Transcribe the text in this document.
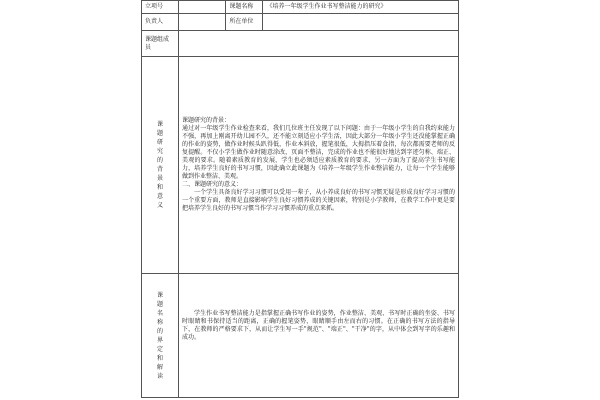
立项号		课题名称	《培养一年级学生作业书写整洁能力的研究》
负责人		所在单位	

课题组成员			

课题研究的背景和意义	课题研究的背景：
通过对一年级学生作业检查来看，我们几位班主任发现了以下问题：由于一年级小学生的自我约束能力不强，再加上刚离开幼儿园不久，还不能立刻适应小学生活，因此大部分一年级小学生还没能掌握正确的作业的姿势，做作业时候头趴得低，作业本斜放，握笔很低，大拇指压着食指，每次都需要老师的反复提醒。不仅小学生做作业时随意涂改，页面不整洁，完成的作业也不能很好地达到字迹匀称、端正、美观的要求。随着素质教育的发展，学生也必须适应素质教育的要求，另一方面为了提高学生书写能力，培养学生良好的书写习惯，因此确立此课题为《培养一年级学生作业整洁能力，让每一个学生能够做到作业整洁、美观。
二、课题研究的意义：
一个学生具备良好学习习惯可以受用一辈子，从小养成良好的书写习惯无疑是形成良好学习习惯的一个重要方面，教师是直接影响学生良好习惯养成的关键因素，特别是小学教师，在教学工作中更是要把培养学生良好的书写习惯当作学习习惯养成的重点来抓。		

课题名称的界定和解读	学生作业书写整洁能力是指掌握正确书写作业的姿势，作业整洁、美观、书写时正确的坐姿、书写时眼睛和书保持适当的距离，正确的握笔姿势，眼睛顺手由左而右的习惯。在正确的书写方法的指导下，在教师的严格要求下，从而让学生写一手"规范"、"端正"、"干净"的字，从中体会到写字的乐趣和成功。		
